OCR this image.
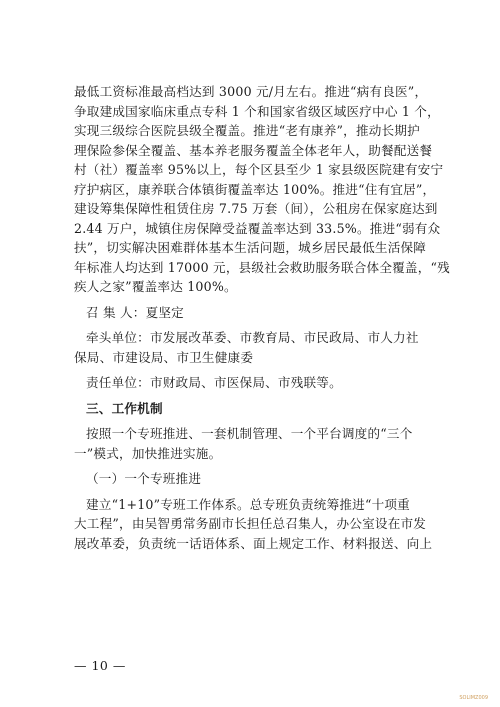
最低工资标准最高档达到 3000 元/月左右。推进“病有良医”，
争取建成国家临床重点专科 1 个和国家省级区域医疗中心 1 个，
实现三级综合医院县级全覆盖。推进“老有康养”，推动长期护
理保险参保全覆盖、基本养老服务覆盖全体老年人，助餐配送餐
村（社）覆盖率 95%以上，每个区县至少 1 家县级医院建有安宁
疗护病区，康养联合体镇街覆盖率达 100%。推进“住有宜居”，
建设筹集保障性租赁住房 7.75 万套（间），公租房在保家庭达到
2.44 万户，城镇住房保障受益覆盖率达到 33.5%。推进“弱有众
扶”，切实解决困难群体基本生活问题，城乡居民最低生活保障
年标准人均达到 17000 元，县级社会救助服务联合体全覆盖，“残
疾人之家”覆盖率达 100%。
召 集 人：夏坚定
牵头单位：市发展改革委、市教育局、市民政局、市人力社
保局、市建设局、市卫生健康委
责任单位：市财政局、市医保局、市残联等。
三、工作机制
按照一个专班推进、一套机制管理、一个平台调度的“三个
一”模式，加快推进实施。
（一）一个专班推进
建立“1+10”专班工作体系。总专班负责统筹推进“十项重
大工程”，由吴智勇常务副市长担任总召集人，办公室设在市发
展改革委，负责统一话语体系、面上规定工作、材料报送、向上
— 10 —
SOLIMZ009
